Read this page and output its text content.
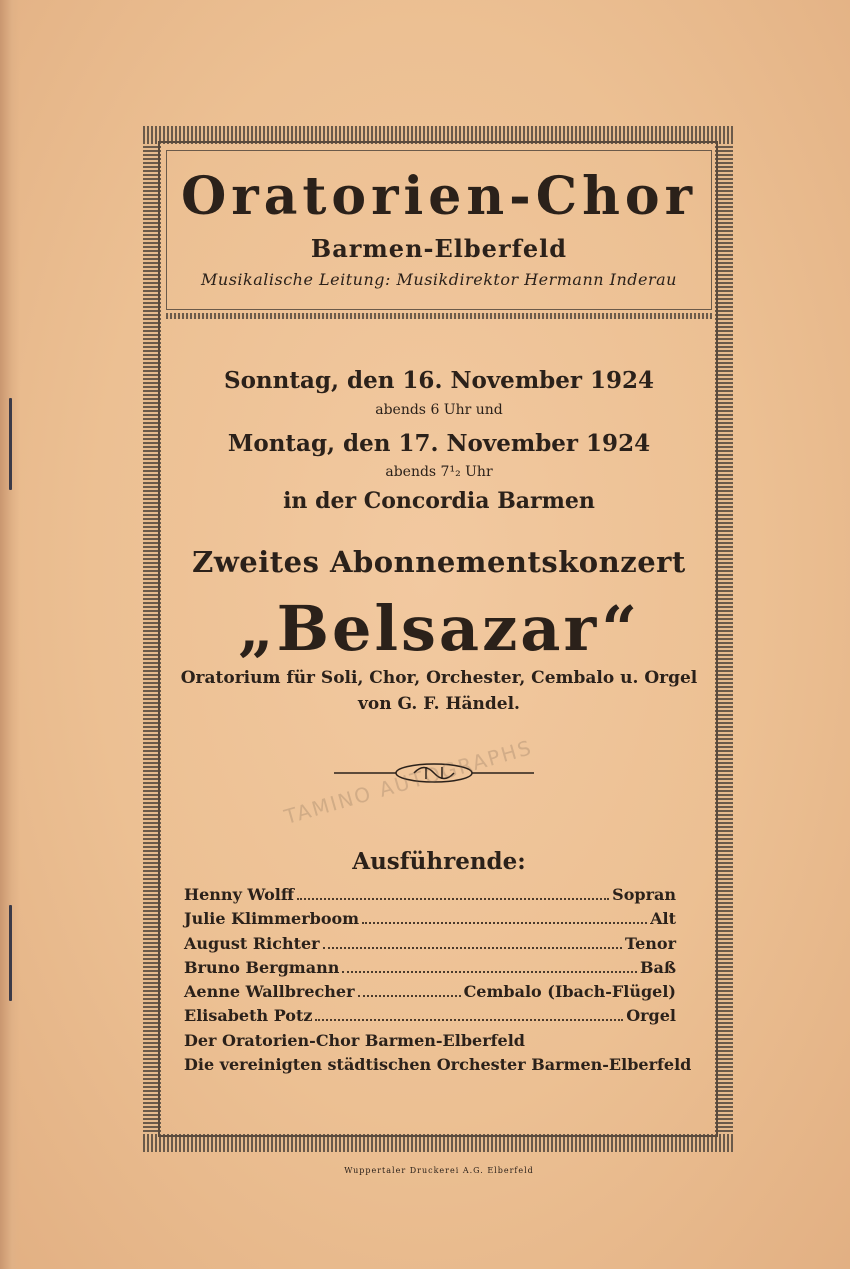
Oratorien-Chor
Barmen-Elberfeld
Musikalische Leitung: Musikdirektor Hermann Inderau
Sonntag, den 16. November 1924
abends 6 Uhr und
Montag, den 17. November 1924
abends 7¹₂ Uhr
in der Concordia Barmen
Zweites Abonnementskonzert
„Belsazar“
Oratorium für Soli, Chor, Orchester, Cembalo u. Orgel
von G. F. Händel.
TAMINO AUTOGRAPHS
Ausführende:
Henny Wolff	Sopran
Julie Klimmerboom	Alt
August Richter	Tenor
Bruno Bergmann	Baß
Aenne Wallbrecher	Cembalo (Ibach-Flügel)
Elisabeth Potz	Orgel
Der Oratorien-Chor Barmen-Elberfeld
Die vereinigten städtischen Orchester Barmen-Elberfeld
Wuppertaler Druckerei A.G. Elberfeld
